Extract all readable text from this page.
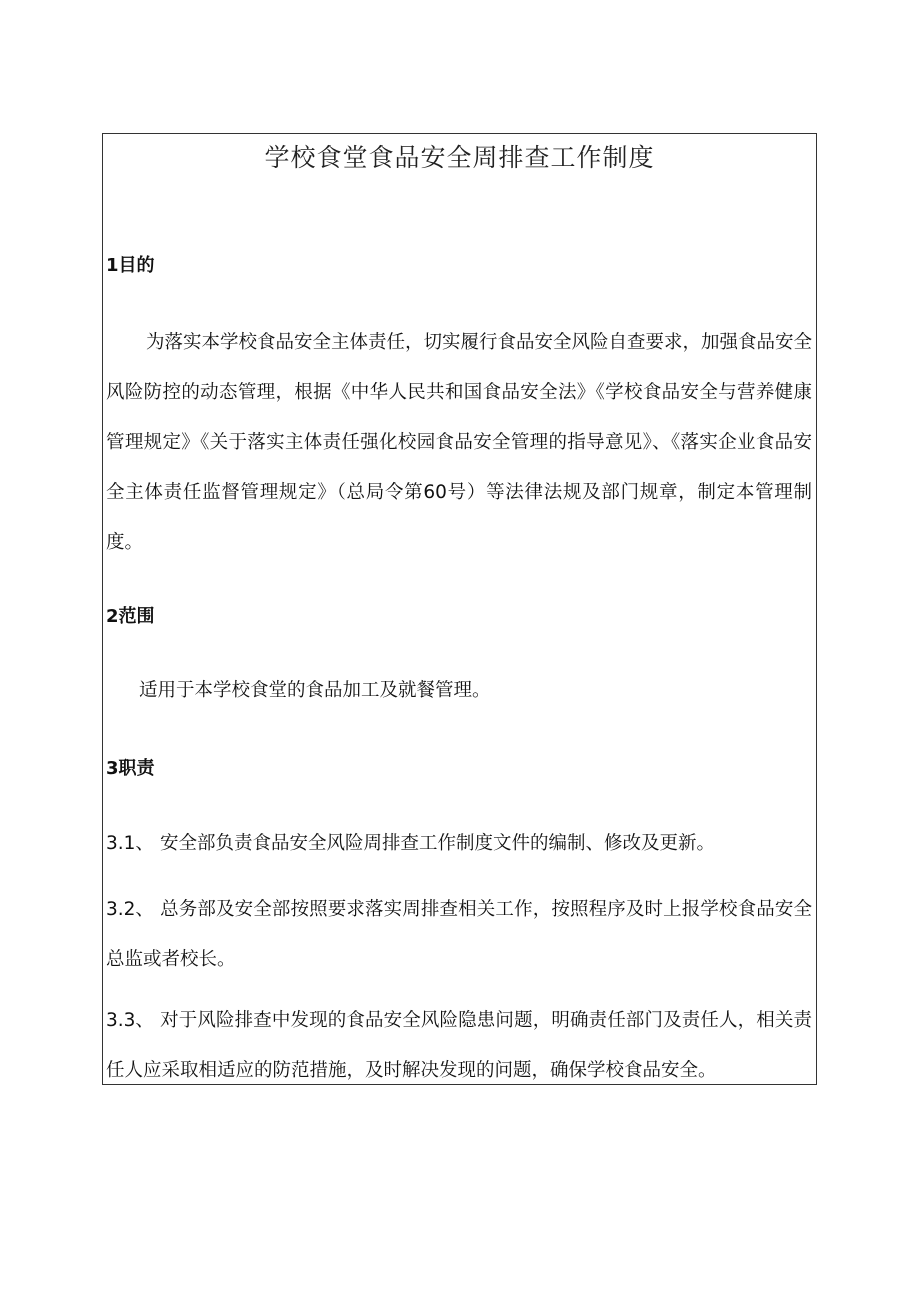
学校食堂食品安全周排查工作制度
1目的
为落实本学校食品安全主体责任，切实履行食品安全风险自查要求，加强食品安全风险防控的动态管理，根据《中华人民共和国食品安全法》《学校食品安全与营养健康管理规定》《关于落实主体责任强化校园食品安全管理的指导意见》、《落实企业食品安全主体责任监督管理规定》（总局令第60号）等法律法规及部门规章，制定本管理制度。
2范围
适用于本学校食堂的食品加工及就餐管理。
3职责
3.1、 安全部负责食品安全风险周排查工作制度文件的编制、修改及更新。
3.2、 总务部及安全部按照要求落实周排查相关工作，按照程序及时上报学校食品安全总监或者校长。
3.3、 对于风险排查中发现的食品安全风险隐患问题，明确责任部门及责任人，相关责任人应采取相适应的防范措施，及时解决发现的问题，确保学校食品安全。
